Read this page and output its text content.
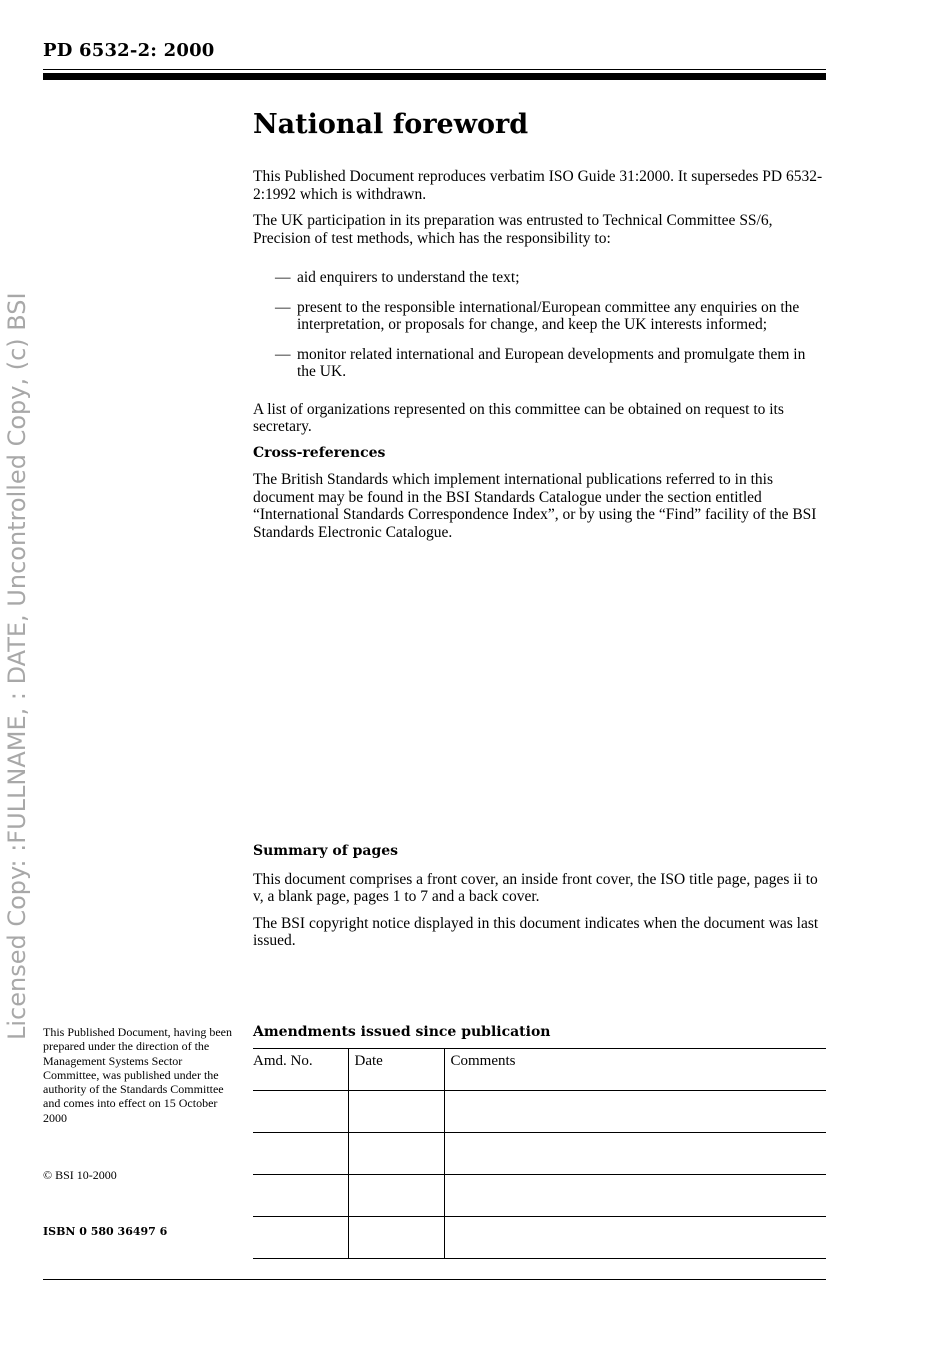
PD 6532-2: 2000
Licensed Copy: :FULLNAME, : DATE, Uncontrolled Copy, (c) BSI
National foreword

This Published Document reproduces verbatim ISO Guide 31:2000. It supersedes PD 6532-2:1992 which is withdrawn.

The UK participation in its preparation was entrusted to Technical Committee SS/6, Precision of test methods, which has the responsibility to:

— aid enquirers to understand the text;
— present to the responsible international/European committee any enquiries on the interpretation, or proposals for change, and keep the UK interests informed;
— monitor related international and European developments and promulgate them in the UK.

A list of organizations represented on this committee can be obtained on request to its secretary.

Cross-references

The British Standards which implement international publications referred to in this document may be found in the BSI Standards Catalogue under the section entitled “International Standards Correspondence Index”, or by using the “Find” facility of the BSI Standards Electronic Catalogue.

Summary of pages

This document comprises a front cover, an inside front cover, the ISO title page, pages ii to v, a blank page, pages 1 to 7 and a back cover.

The BSI copyright notice displayed in this document indicates when the document was last issued.

This Published Document, having been prepared under the direction of the Management Systems Sector Committee, was published under the authority of the Standards Committee and comes into effect on 15 October 2000
© BSI 10-2000
ISBN 0 580 36497 6
Amendments issued since publication
Amd. No.	Date	Comments
